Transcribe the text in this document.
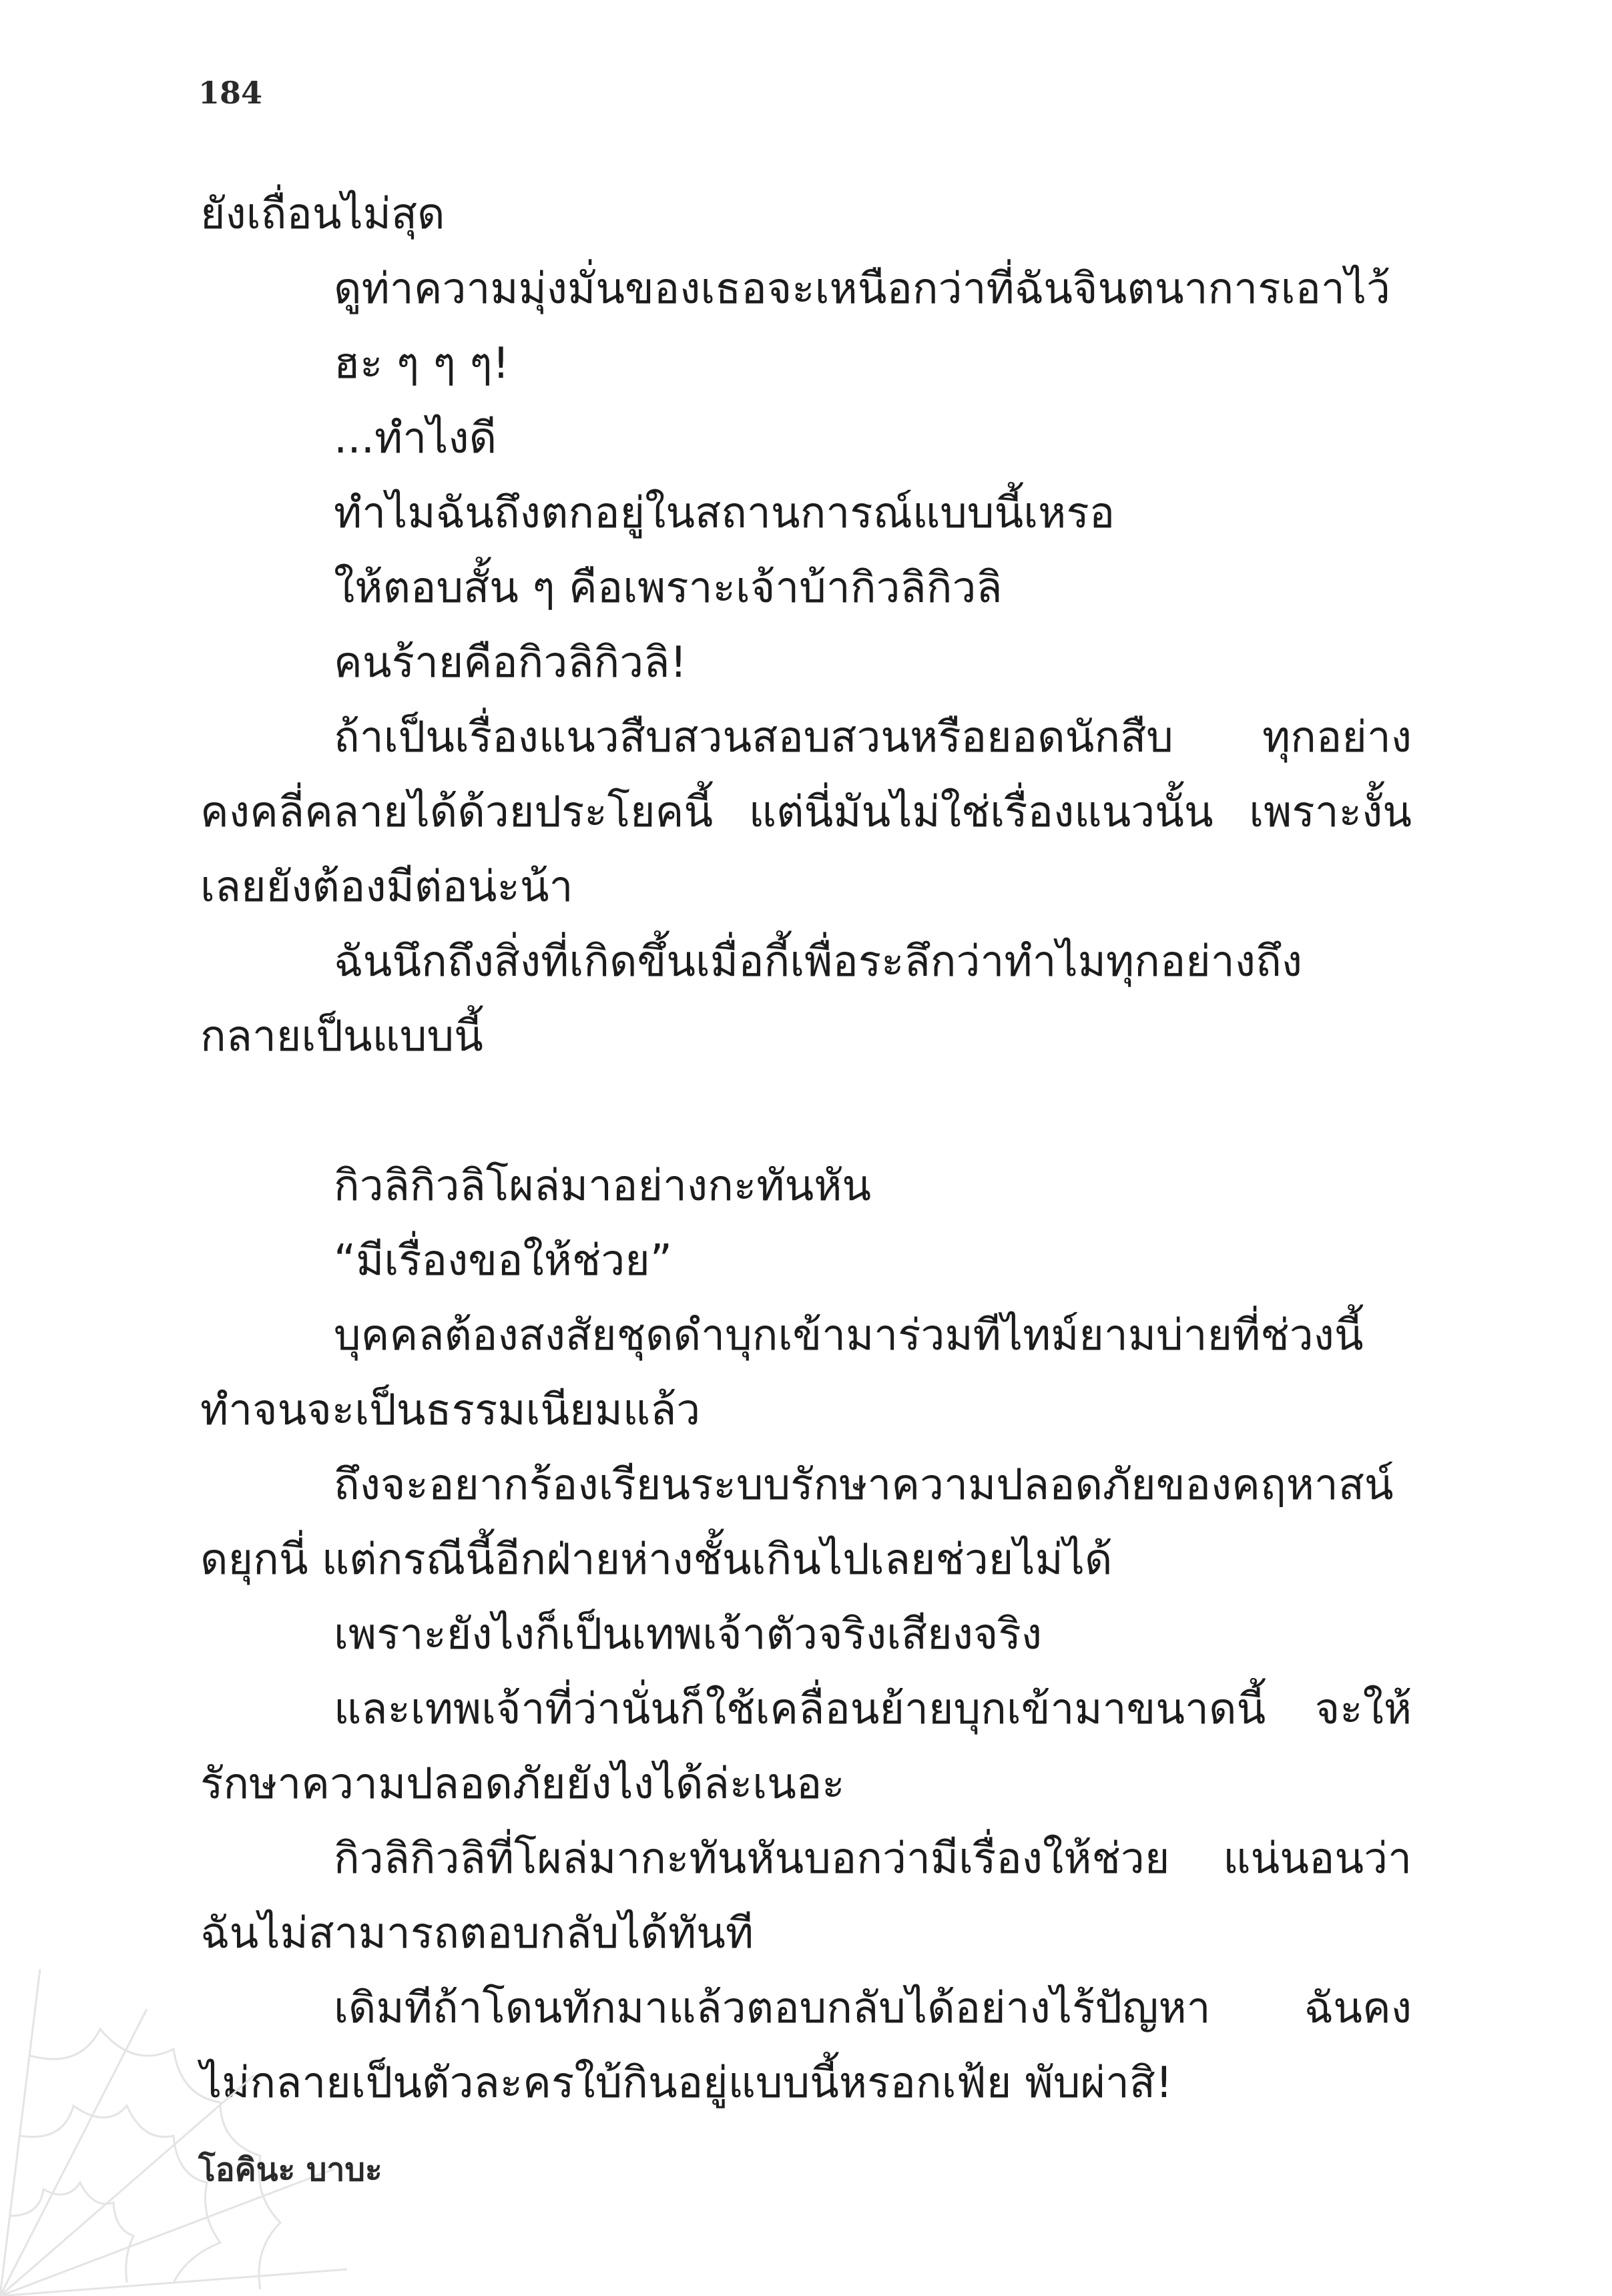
184
ยังเถื่อนไม่สุด
ดูท่าความมุ่งมั่นของเธอจะเหนือกว่าที่ฉันจินตนาการเอาไว้
ฮะ ๆ ๆ ๆ!
...ทำไงดี
ทำไมฉันถึงตกอยู่ในสถานการณ์แบบนี้เหรอ
ให้ตอบสั้น ๆ คือเพราะเจ้าบ้ากิวลิกิวลิ
คนร้ายคือกิวลิกิวลิ!
ถ้าเป็นเรื่องแนวสืบสวนสอบสวนหรือยอดนักสืบ ทุกอย่าง
คงคลี่คลายได้ด้วยประโยคนี้ แต่นี่มันไม่ใช่เรื่องแนวนั้น เพราะงั้น
เลยยังต้องมีต่อน่ะน้า
ฉันนึกถึงสิ่งที่เกิดขึ้นเมื่อกี้เพื่อระลึกว่าทำไมทุกอย่างถึง
กลายเป็นแบบนี้
กิวลิกิวลิโผล่มาอย่างกะทันหัน
“มีเรื่องขอให้ช่วย”
บุคคลต้องสงสัยชุดดำบุกเข้ามาร่วมทีไทม์ยามบ่ายที่ช่วงนี้
ทำจนจะเป็นธรรมเนียมแล้ว
ถึงจะอยากร้องเรียนระบบรักษาความปลอดภัยของคฤหาสน์
ดยุกนี่ แต่กรณีนี้อีกฝ่ายห่างชั้นเกินไปเลยช่วยไม่ได้
เพราะยังไงก็เป็นเทพเจ้าตัวจริงเสียงจริง
และเทพเจ้าที่ว่านั่นก็ใช้เคลื่อนย้ายบุกเข้ามาขนาดนี้ จะให้
รักษาความปลอดภัยยังไงได้ล่ะเนอะ
กิวลิกิวลิที่โผล่มากะทันหันบอกว่ามีเรื่องให้ช่วย แน่นอนว่า
ฉันไม่สามารถตอบกลับได้ทันที
เดิมทีถ้าโดนทักมาแล้วตอบกลับได้อย่างไร้ปัญหา ฉันคง
ไม่กลายเป็นตัวละครใบ้กินอยู่แบบนี้หรอกเฟ้ย พับผ่าสิ!
โอคินะ บาบะ
